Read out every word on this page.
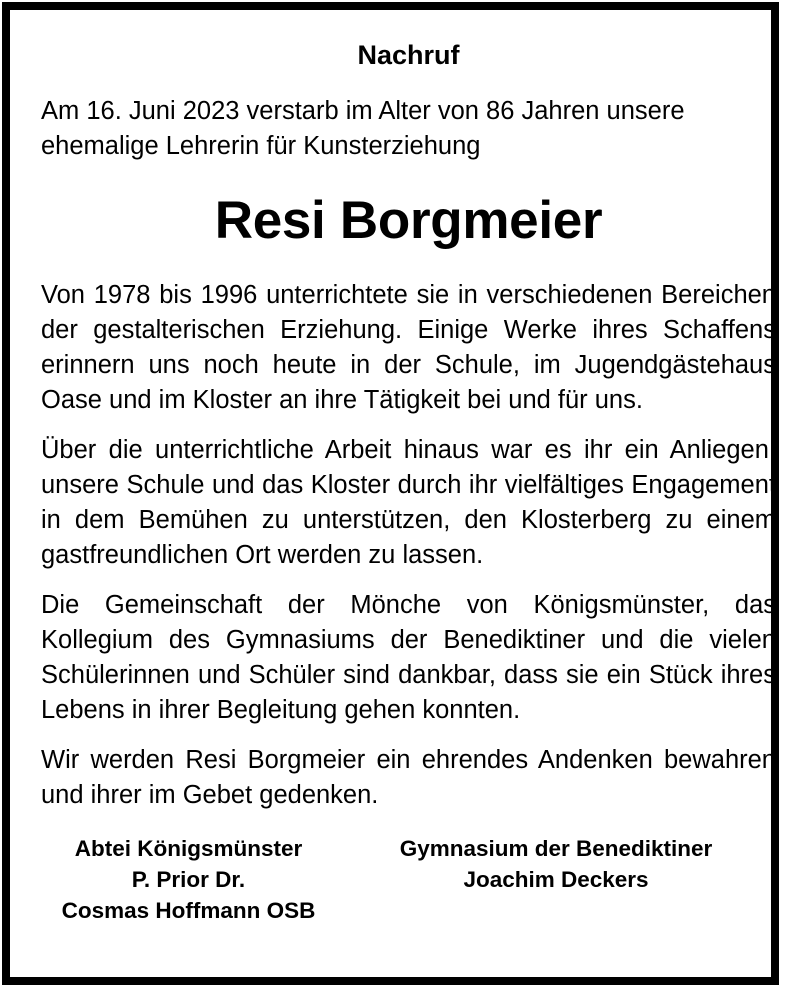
Nachruf

Am 16. Juni 2023 verstarb im Alter von 86 Jahren unsere ehemalige Lehrerin für Kunsterziehung

Resi Borgmeier

Von 1978 bis 1996 unterrichtete sie in verschiedenen Bereichen der gestalterischen Erziehung. Einige Werke ihres Schaffens erinnern uns noch heute in der Schule, im Jugendgästehaus Oase und im Kloster an ihre Tätigkeit bei und für uns.

Über die unterrichtliche Arbeit hinaus war es ihr ein Anliegen, unsere Schule und das Kloster durch ihr vielfältiges Engagement in dem Bemühen zu unterstützen, den Klosterberg zu einem gastfreundlichen Ort werden zu lassen.

Die Gemeinschaft der Mönche von Königsmünster, das Kollegium des Gymnasiums der Benediktiner und die vielen Schülerinnen und Schüler sind dankbar, dass sie ein Stück ihres Lebens in ihrer Begleitung gehen konnten.

Wir werden Resi Borgmeier ein ehrendes Andenken bewahren und ihrer im Gebet gedenken.

Abtei Königsmünster
P. Prior Dr.
Cosmas Hoffmann OSB
Gymnasium der Benediktiner
Joachim Deckers
